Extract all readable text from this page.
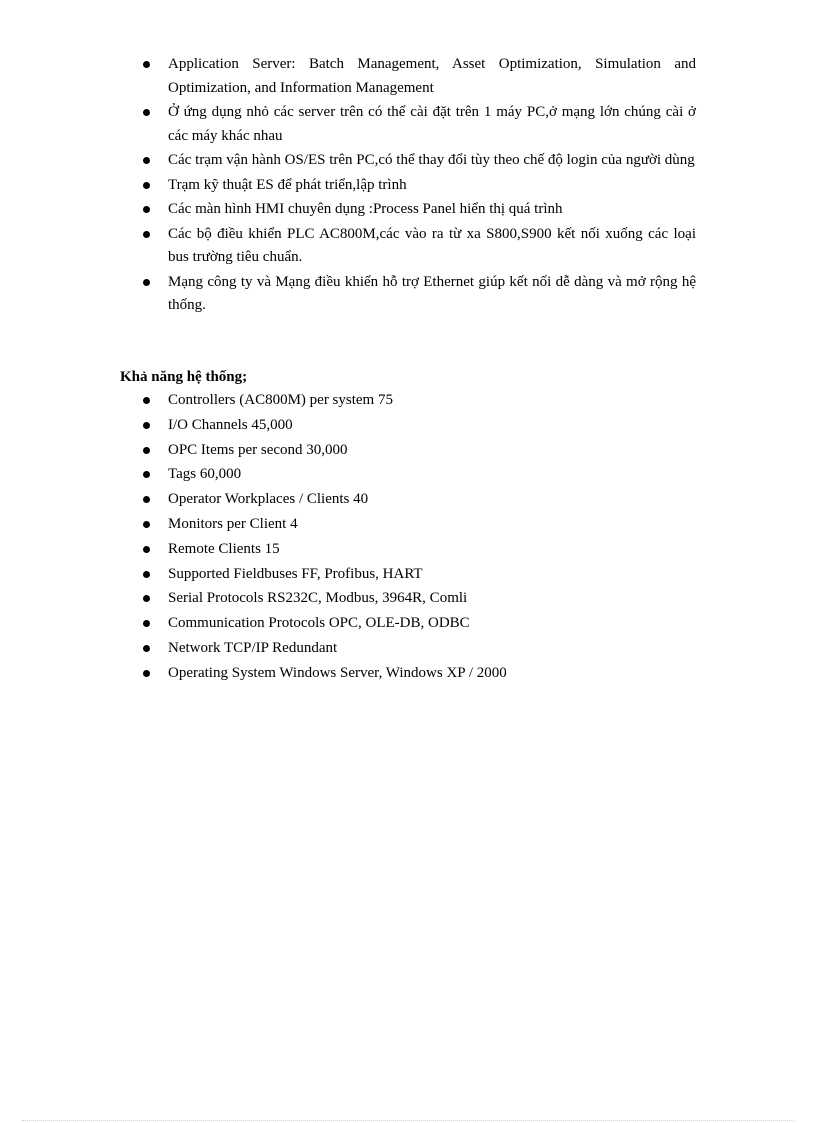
Application Server: Batch Management, Asset Optimization, Simulation and Optimization, and Information Management
Ở ứng dụng nhỏ các server trên có thể cài đặt trên 1 máy PC,ở mạng lớn chúng cài ở các máy khác nhau
Các trạm vận hành OS/ES trên PC,có thể thay đổi tùy theo chế độ login của người dùng
Trạm kỹ thuật ES để phát triển,lập trình
Các màn hình HMI chuyên dụng :Process Panel hiển thị quá trình
Các bộ điều khiển PLC AC800M,các vào ra từ xa S800,S900 kết nối xuống các loại bus trường tiêu chuẩn.
Mạng công ty và Mạng điều khiển hỗ trợ Ethernet giúp kết nối dễ dàng và mở rộng hệ thống.
Khả năng hệ thống;
Controllers (AC800M) per system 75
I/O Channels 45,000
OPC Items per second 30,000
Tags 60,000
Operator Workplaces / Clients 40
Monitors per Client 4
Remote Clients 15
Supported Fieldbuses FF, Profibus, HART
Serial Protocols RS232C, Modbus, 3964R, Comli
Communication Protocols OPC, OLE-DB, ODBC
Network TCP/IP Redundant
Operating System Windows Server, Windows XP / 2000
